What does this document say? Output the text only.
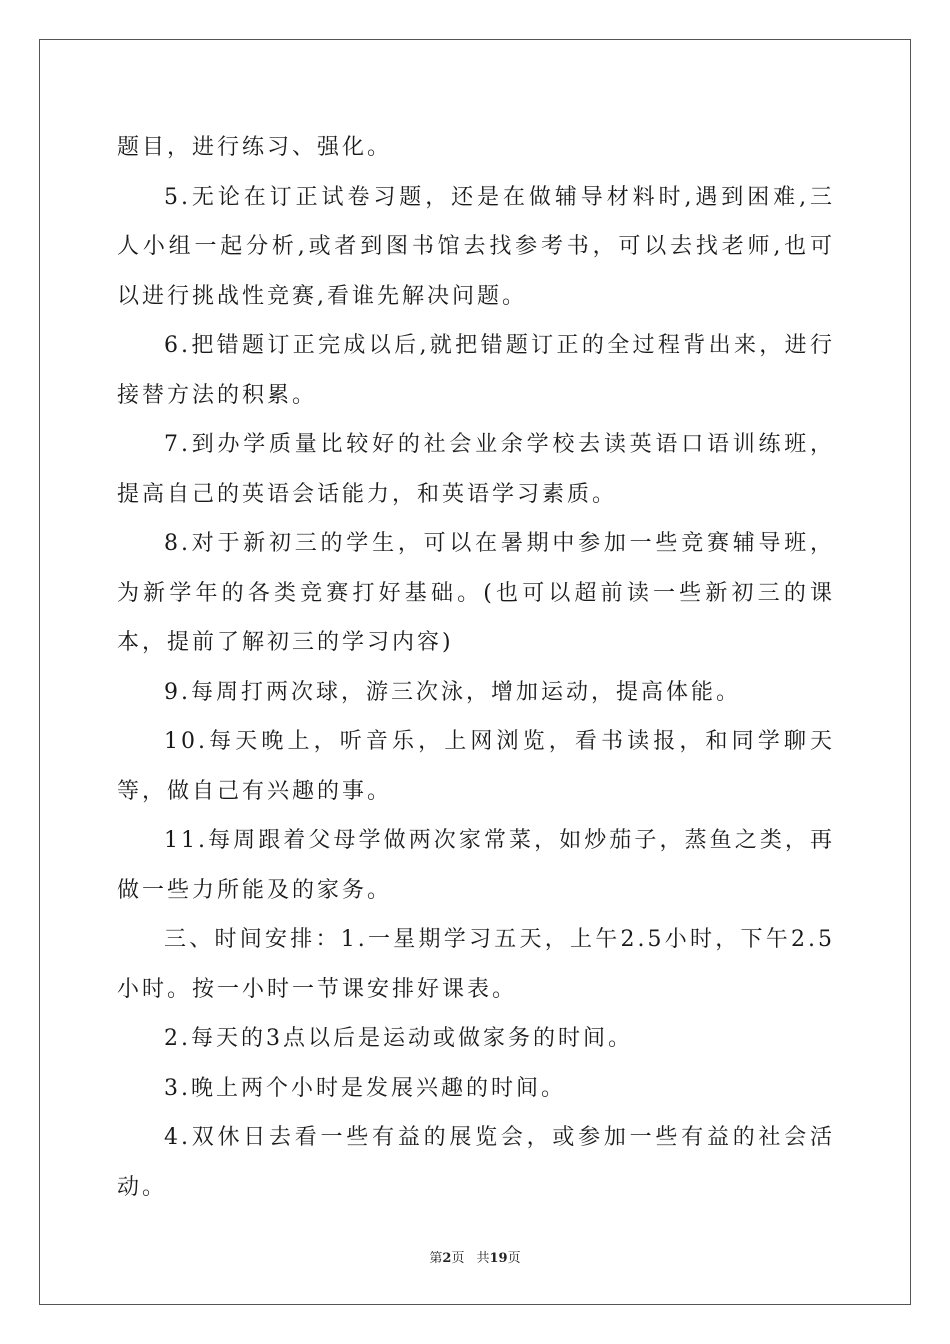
题目，进行练习、强化。

5.无论在订正试卷习题，还是在做辅导材料时,遇到困难,三人小组一起分析,或者到图书馆去找参考书，可以去找老师,也可以进行挑战性竞赛,看谁先解决问题。

6.把错题订正完成以后,就把错题订正的全过程背出来，进行接替方法的积累。

7.到办学质量比较好的社会业余学校去读英语口语训练班，提高自己的英语会话能力，和英语学习素质。

8.对于新初三的学生，可以在暑期中参加一些竞赛辅导班，为新学年的各类竞赛打好基础。(也可以超前读一些新初三的课本，提前了解初三的学习内容)

9.每周打两次球，游三次泳，增加运动，提高体能。

10.每天晚上，听音乐，上网浏览，看书读报，和同学聊天等，做自己有兴趣的事。

11.每周跟着父母学做两次家常菜，如炒茄子，蒸鱼之类，再做一些力所能及的家务。

三、时间安排：1.一星期学习五天，上午2.5小时，下午2.5小时。按一小时一节课安排好课表。

2.每天的3点以后是运动或做家务的时间。

3.晚上两个小时是发展兴趣的时间。

4.双休日去看一些有益的展览会，或参加一些有益的社会活动。

第2页 共19页
